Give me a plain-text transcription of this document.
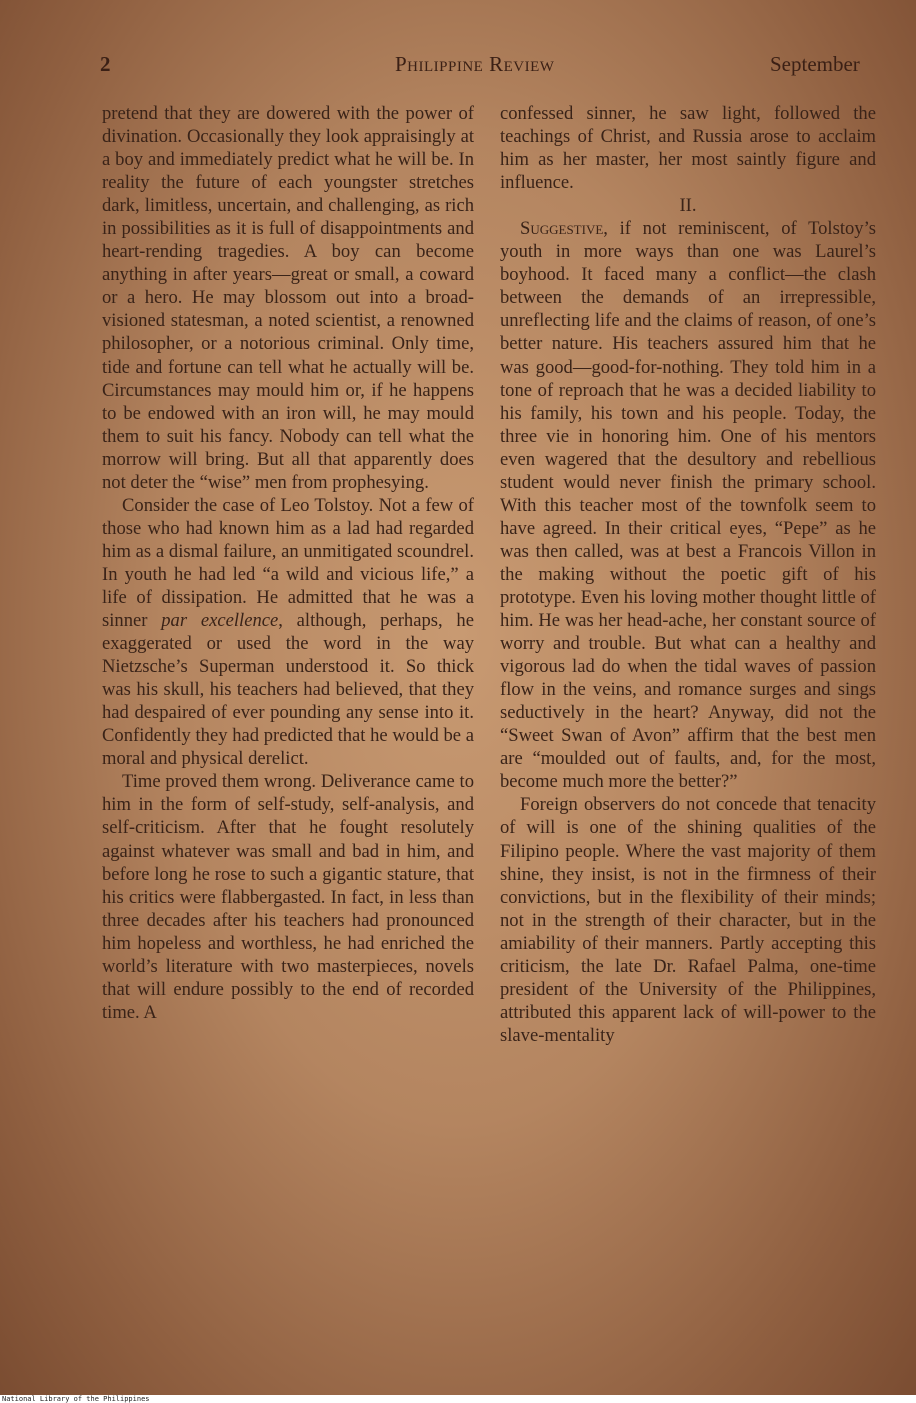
2	Philippine Review	September

pretend that they are dowered with the power of divination. Occasionally they look appraisingly at a boy and immediately predict what he will be. In reality the future of each youngster stretches dark, limitless, uncertain, and challenging, as rich in possibilities as it is full of disappointments and heart-rending tragedies. A boy can become anything in after years—great or small, a coward or a hero. He may blossom out into a broad-visioned statesman, a noted scientist, a renowned philosopher, or a notorious criminal. Only time, tide and fortune can tell what he actually will be. Circumstances may mould him or, if he happens to be endowed with an iron will, he may mould them to suit his fancy. Nobody can tell what the morrow will bring. But all that apparently does not deter the “wise” men from prophesying.

Consider the case of Leo Tolstoy. Not a few of those who had known him as a lad had regarded him as a dismal failure, an unmitigated scoundrel. In youth he had led “a wild and vicious life,” a life of dissipation. He admitted that he was a sinner par excellence, although, perhaps, he exaggerated or used the word in the way Nietzsche’s Superman understood it. So thick was his skull, his teachers had believed, that they had despaired of ever pounding any sense into it. Confidently they had predicted that he would be a moral and physical derelict.

Time proved them wrong. Deliverance came to him in the form of self-study, self-analysis, and self-criticism. After that he fought resolutely against whatever was small and bad in him, and before long he rose to such a gigantic stature, that his critics were flabbergasted. In fact, in less than three decades after his teachers had pronounced him hopeless and worthless, he had enriched the world’s literature with two masterpieces, novels that will endure possibly to the end of recorded time. A

confessed sinner, he saw light, followed the teachings of Christ, and Russia arose to acclaim him as her master, her most saintly figure and influence.

II.

Suggestive, if not reminiscent, of Tolstoy’s youth in more ways than one was Laurel’s boyhood. It faced many a conflict—the clash between the demands of an irrepressible, unreflecting life and the claims of reason, of one’s better nature. His teachers assured him that he was good—good-for-nothing. They told him in a tone of reproach that he was a decided liability to his family, his town and his people. Today, the three vie in honoring him. One of his mentors even wagered that the desultory and rebellious student would never finish the primary school. With this teacher most of the townfolk seem to have agreed. In their critical eyes, “Pepe” as he was then called, was at best a Francois Villon in the making without the poetic gift of his prototype. Even his loving mother thought little of him. He was her head-ache, her constant source of worry and trouble. But what can a healthy and vigorous lad do when the tidal waves of passion flow in the veins, and romance surges and sings seductively in the heart? Anyway, did not the “Sweet Swan of Avon” affirm that the best men are “moulded out of faults, and, for the most, become much more the better?”

Foreign observers do not concede that tenacity of will is one of the shining qualities of the Filipino people. Where the vast majority of them shine, they insist, is not in the firmness of their convictions, but in the flexibility of their minds; not in the strength of their character, but in the amiability of their manners. Partly accepting this criticism, the late Dr. Rafael Palma, one-time president of the University of the Philippines, attributed this apparent lack of will-power to the slave-mentality

National Library of the Philippines
